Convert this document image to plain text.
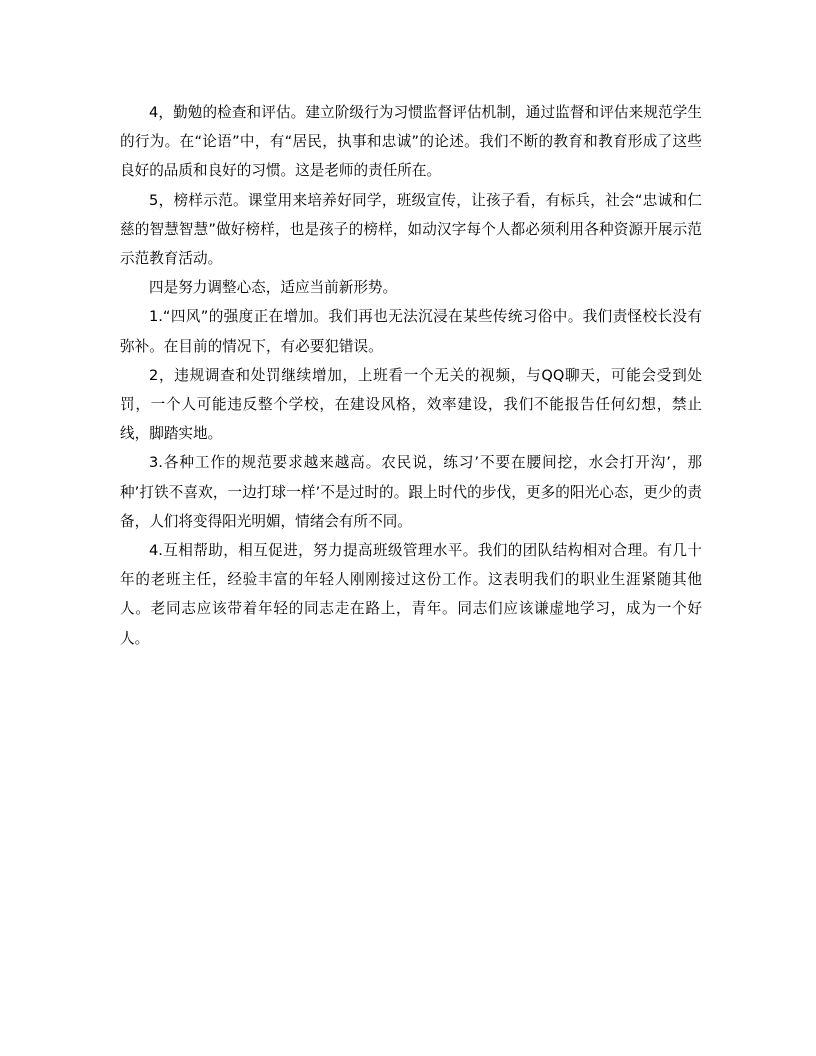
4，勤勉的检查和评估。建立阶级行为习惯监督评估机制，通过监督和评估来规范学生的行为。在“论语”中，有“居民，执事和忠诚”的论述。我们不断的教育和教育形成了这些良好的品质和良好的习惯。这是老师的责任所在。

5，榜样示范。课堂用来培养好同学，班级宣传，让孩子看，有标兵，社会“忠诚和仁慈的智慧智慧”做好榜样，也是孩子的榜样，如动汉字每个人都必须利用各种资源开展示范示范教育活动。

四是努力调整心态，适应当前新形势。

1.“四风”的强度正在增加。我们再也无法沉浸在某些传统习俗中。我们责怪校长没有弥补。在目前的情况下，有必要犯错误。

2，违规调查和处罚继续增加，上班看一个无关的视频，与QQ聊天，可能会受到处罚，一个人可能违反整个学校，在建设风格，效率建设，我们不能报告任何幻想，禁止线，脚踏实地。

3.各种工作的规范要求越来越高。农民说，练习’不要在腰间挖，水会打开沟’，那种’打铁不喜欢，一边打球一样’不是过时的。跟上时代的步伐，更多的阳光心态，更少的责备，人们将变得阳光明媚，情绪会有所不同。

4.互相帮助，相互促进，努力提高班级管理水平。我们的团队结构相对合理。有几十年的老班主任，经验丰富的年轻人刚刚接过这份工作。这表明我们的职业生涯紧随其他人。老同志应该带着年轻的同志走在路上，青年。同志们应该谦虚地学习，成为一个好人。
